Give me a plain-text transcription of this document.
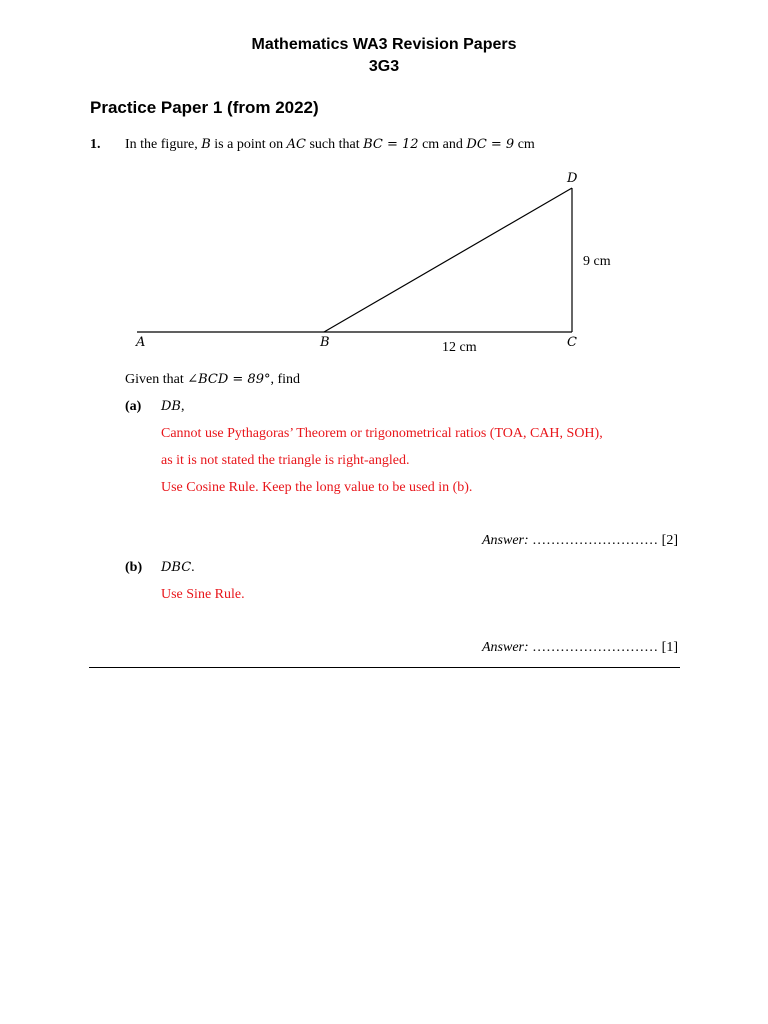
Mathematics WA3 Revision Papers
3G3
Practice Paper 1 (from 2022)
1. In the figure, B is a point on AC such that BC = 12 cm and DC = 9 cm
A	B	C
D
12 cm
9 cm
Given that ∠BCD = 89°, find
(a) DB,
Cannot use Pythagoras’ Theorem or trigonometrical ratios (TOA, CAH, SOH),
as it is not stated the triangle is right-angled.
Use Cosine Rule. Keep the long value to be used in (b).
Answer: ……………………… [2]
(b) DBC.
Use Sine Rule.
Answer: ……………………… [1]
